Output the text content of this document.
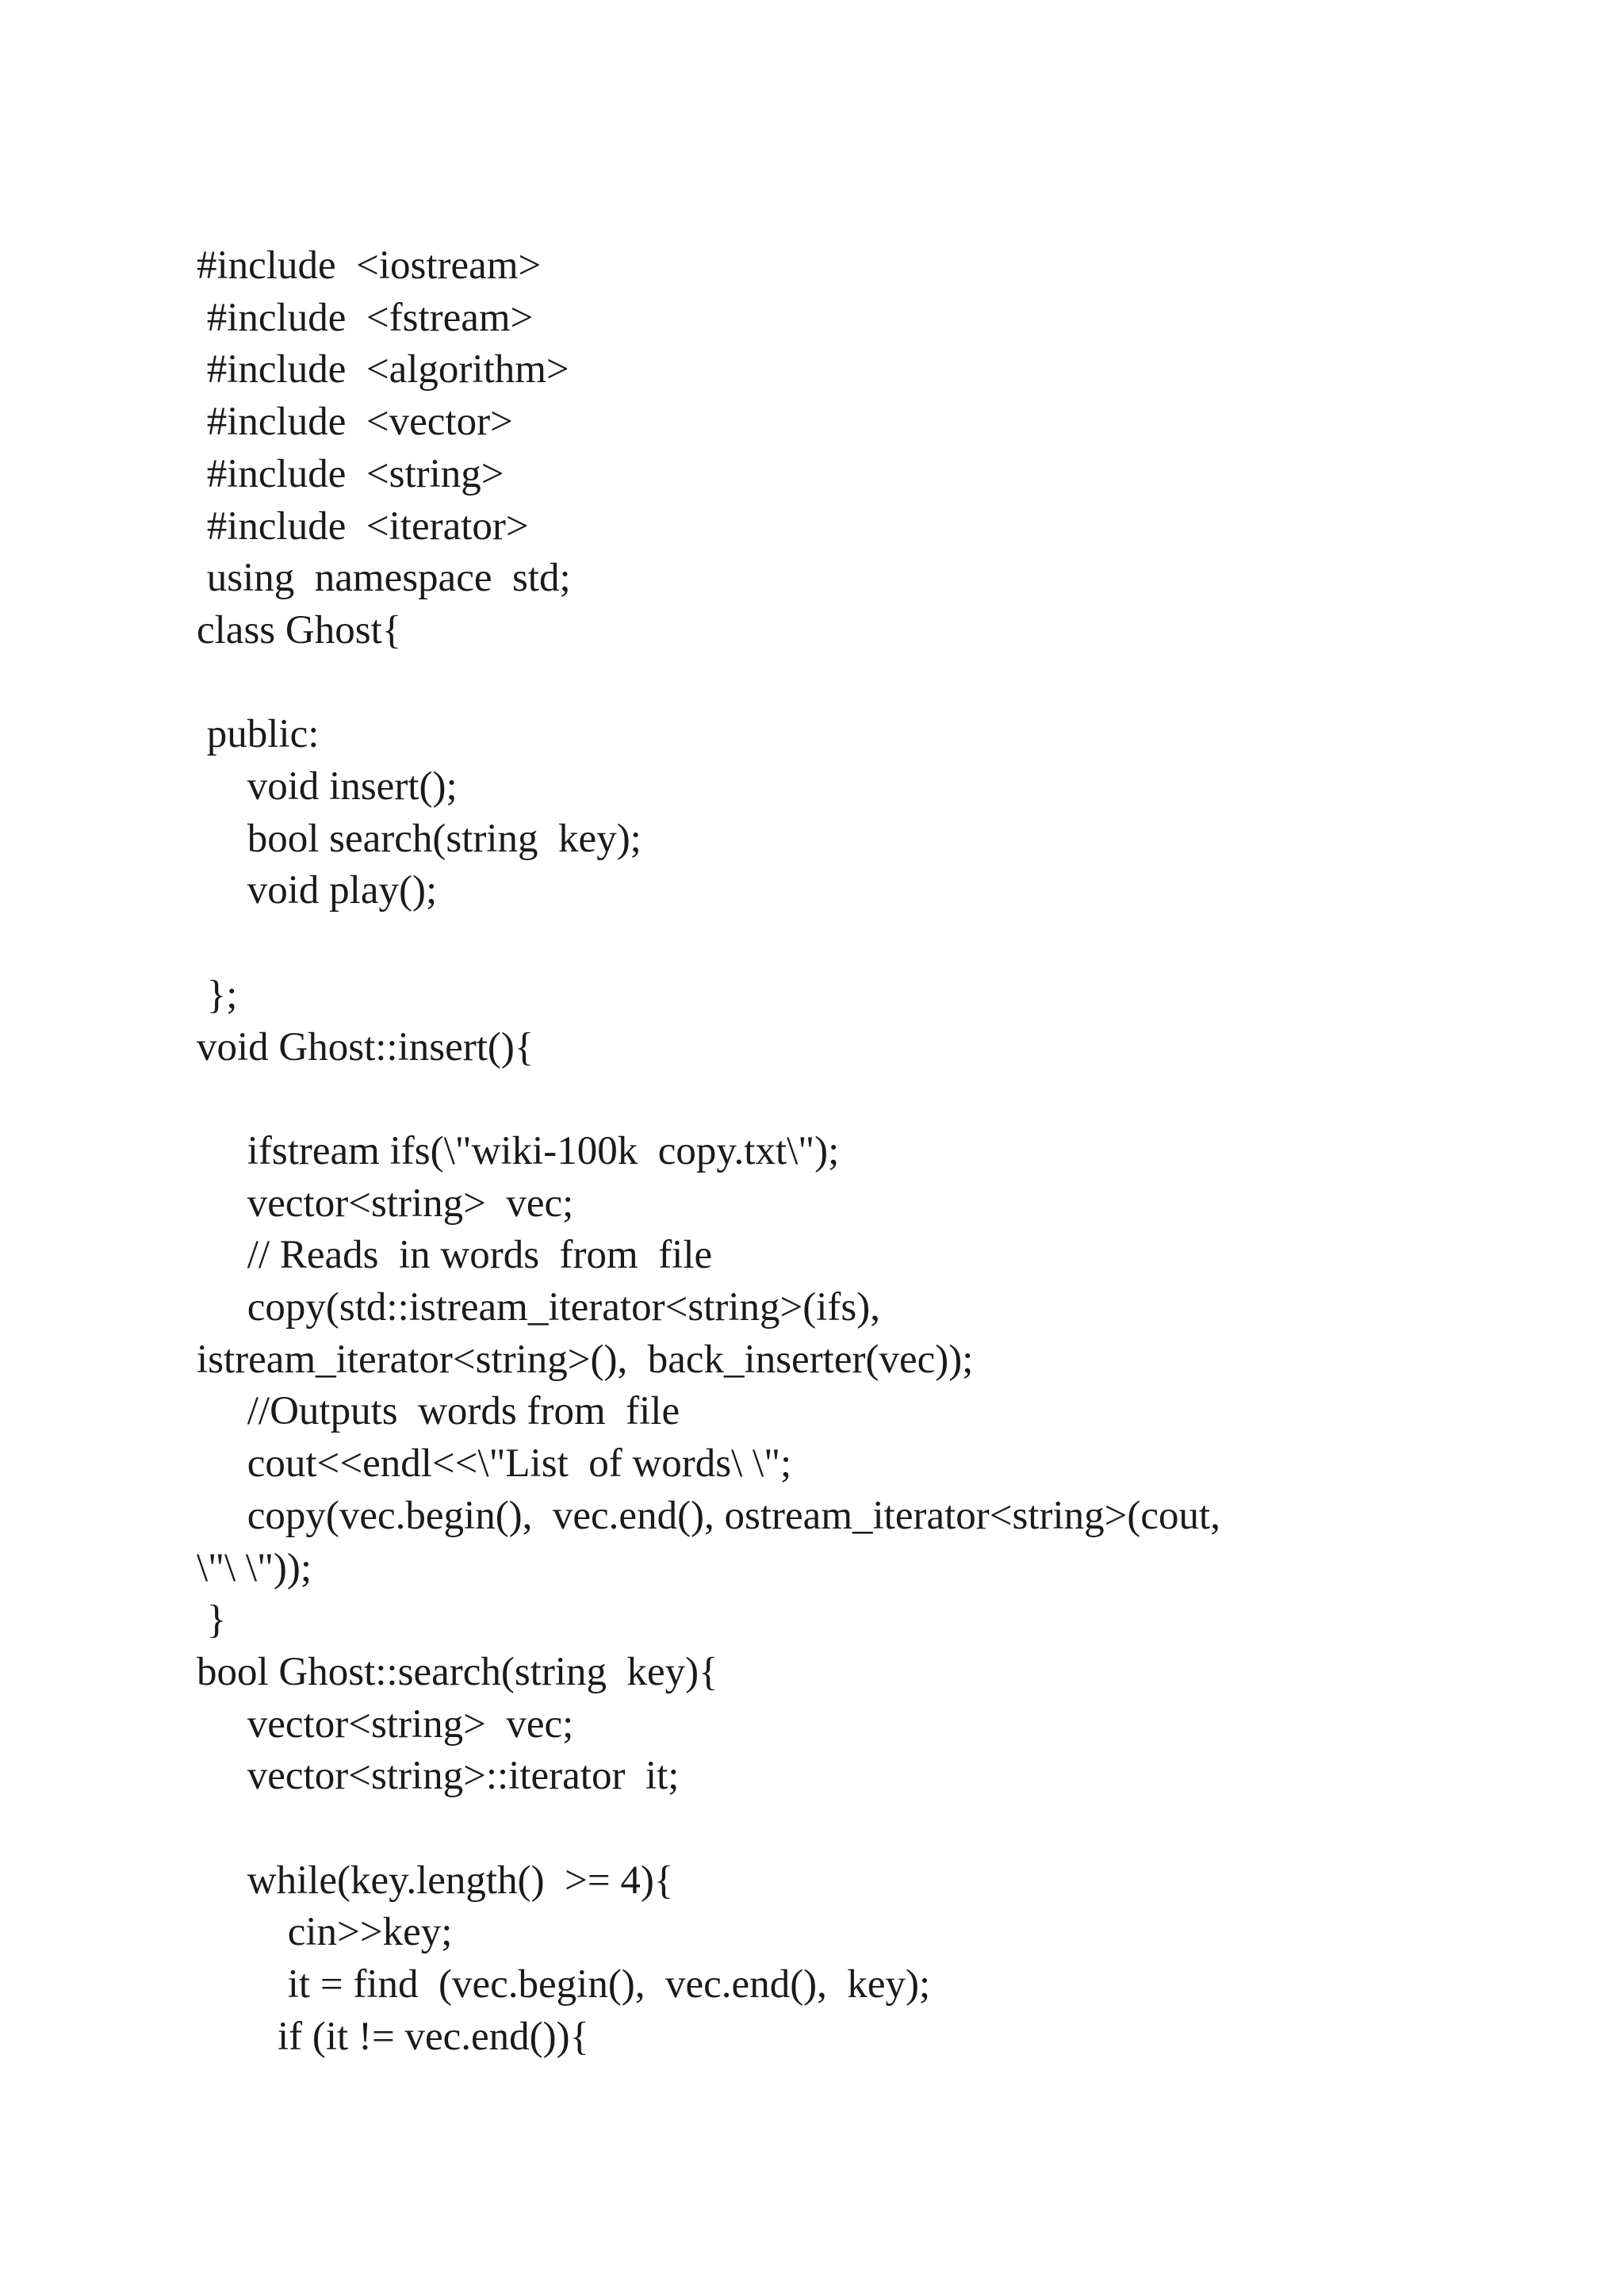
#include  <iostream>
#include  <fstream>
#include  <algorithm>
#include  <vector>
#include  <string>
#include  <iterator>
using  namespace  std;
class Ghost{
public:
void insert();
bool search(string  key);
void play();
};
void Ghost::insert(){
ifstream ifs(\"wiki-100k  copy.txt\");
vector<string>  vec;
// Reads  in words  from  file
copy(std::istream_iterator<string>(ifs),
istream_iterator<string>(),  back_inserter(vec));
//Outputs  words from  file
cout<<endl<<\"List  of words\ \";
copy(vec.begin(),  vec.end(), ostream_iterator<string>(cout,
\"\ \"));
}
bool Ghost::search(string  key){
vector<string>  vec;
vector<string>::iterator  it;
while(key.length()  >= 4){
cin>>key;
it = find  (vec.begin(),  vec.end(),  key);
if (it != vec.end()){
